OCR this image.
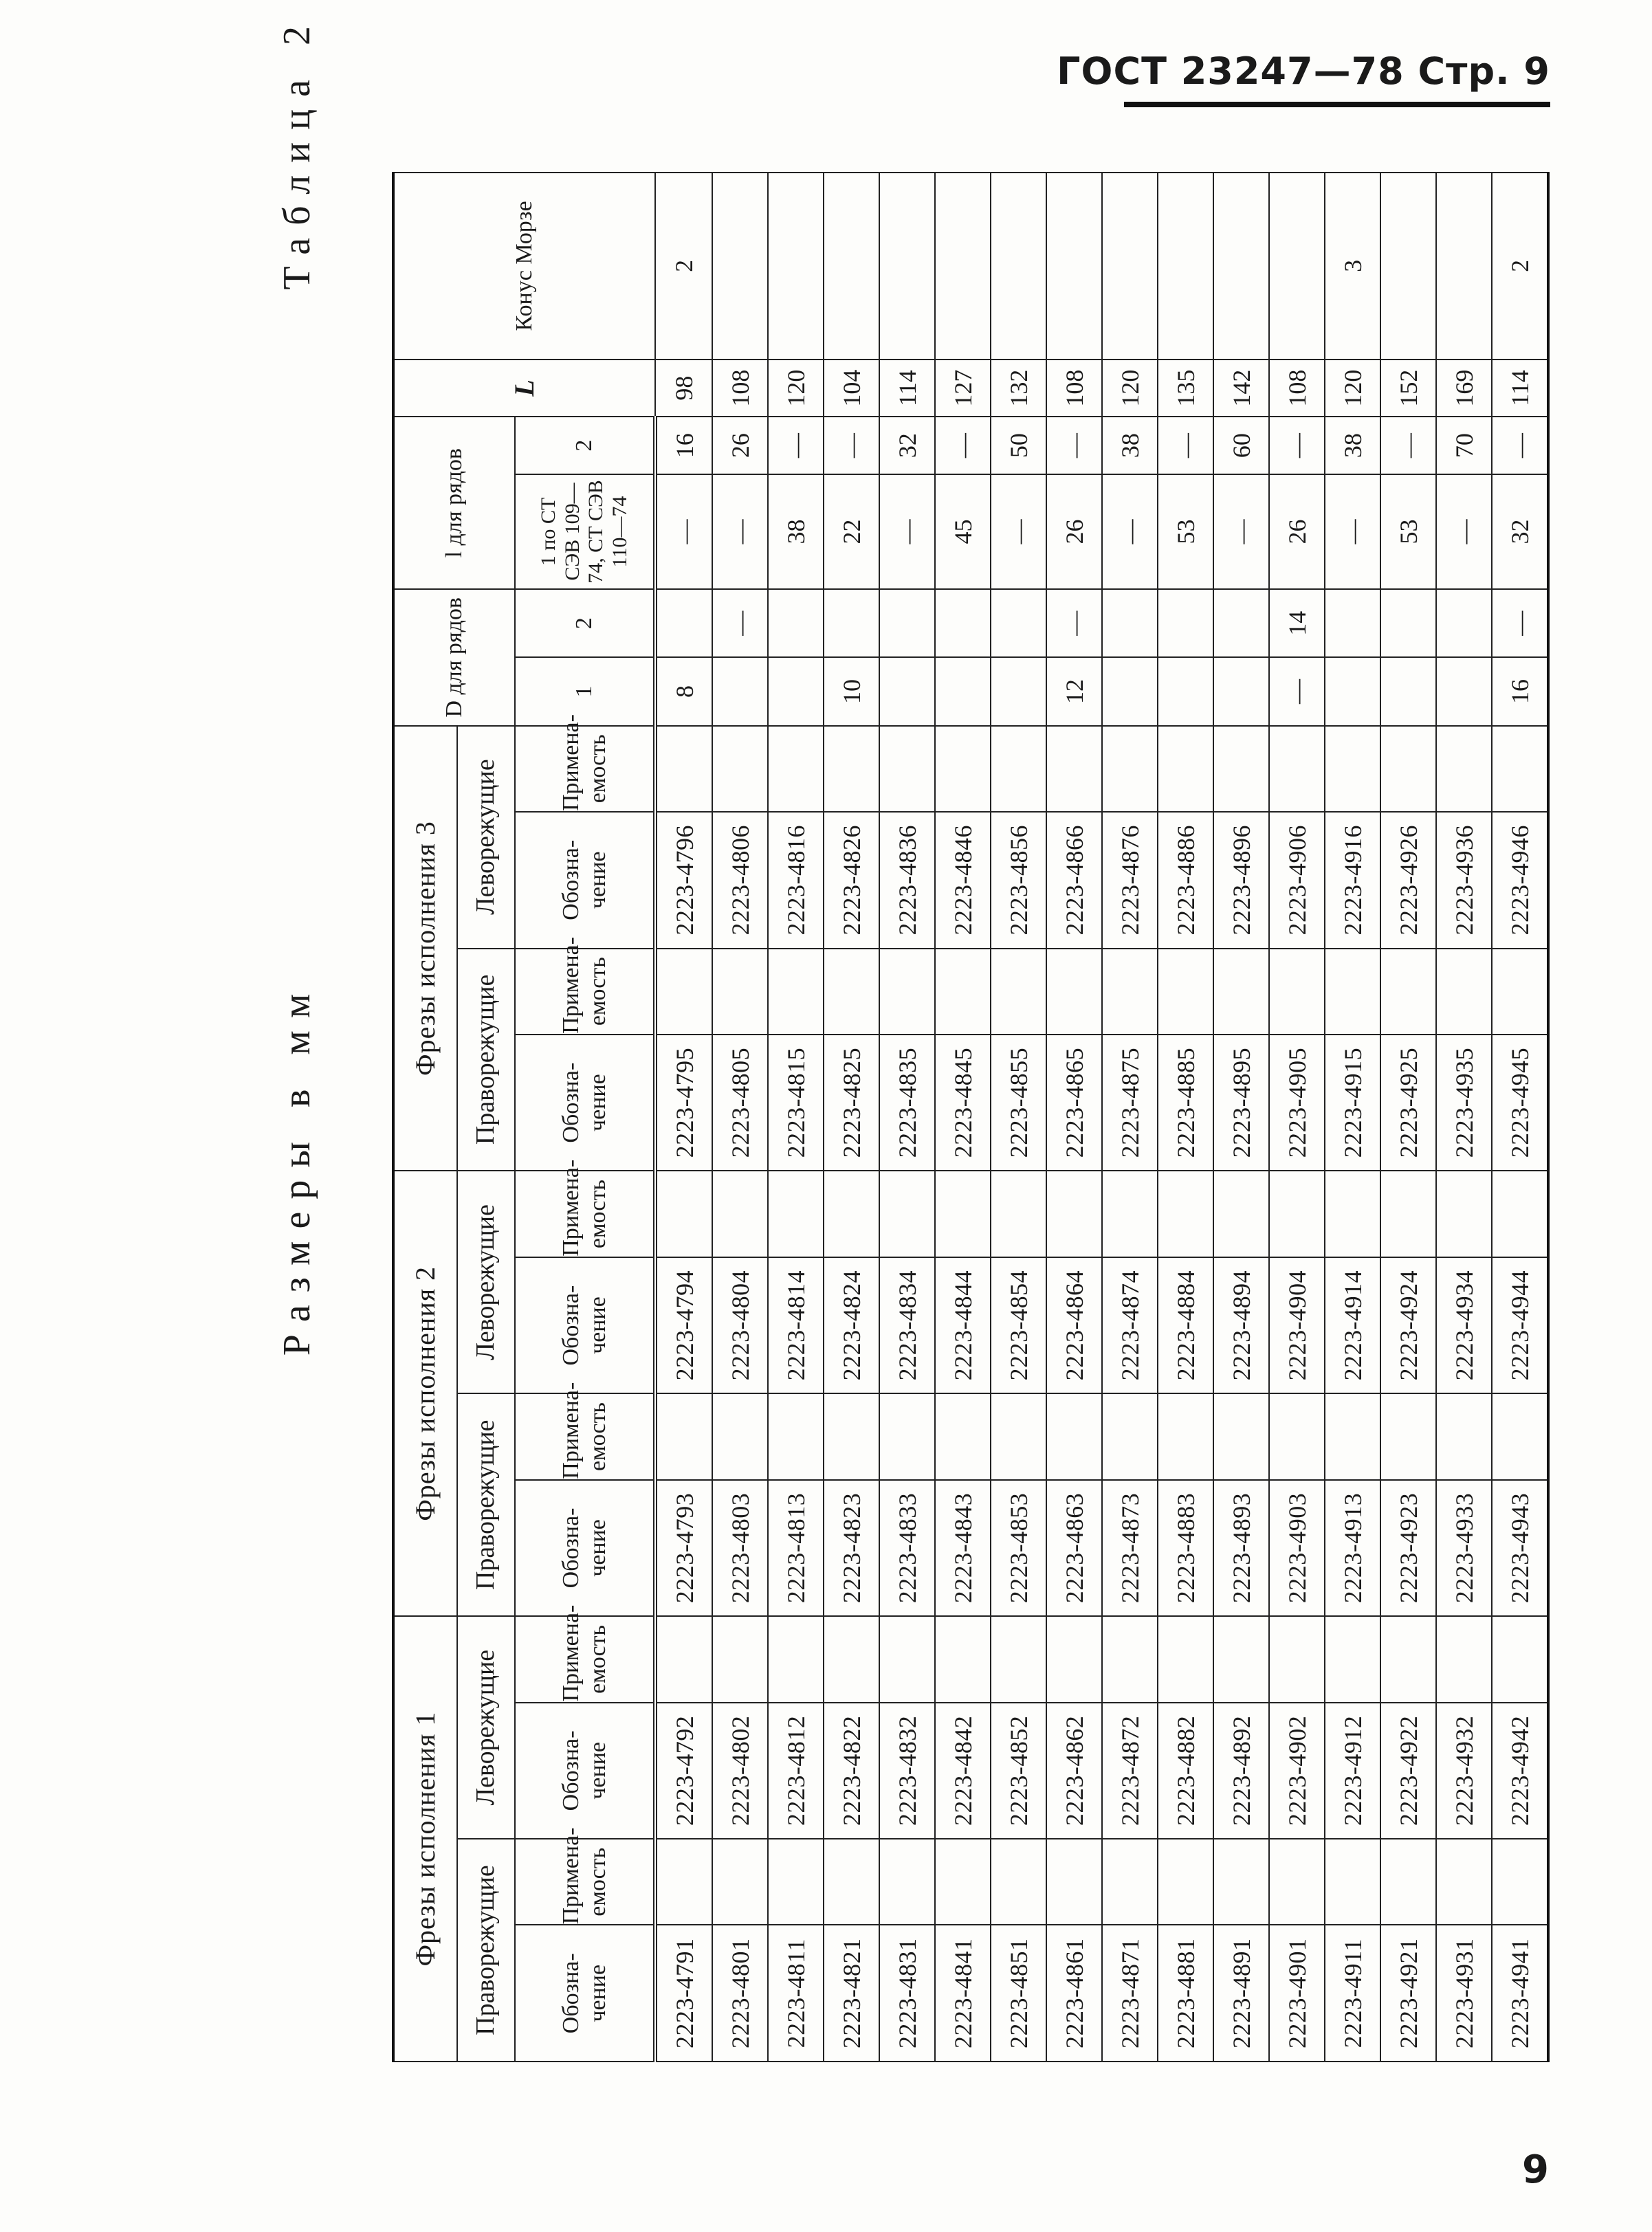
ГОСТ 23247—78 Стр. 9
Размеры в мм
Таблица 2
Фрезы исполнения 1				Фрезы исполнения 2				Фрезы исполнения 3				D для рядов		l для рядов		L	Конус Морзе
Праворежущие		Леворежущие		Праворежущие		Леворежущие		Праворежущие		Леворежущие							
Обозна-чение	Примена-емость	Обозна-чение	Примена-емость	Обозна-чение	Примена-емость	Обозна-чение	Примена-емость	Обозна-чение	Примена-емость	Обозна-чение	Примена-емость	1	2	1 по СТ СЭВ 109—74, СТ СЭВ 110—74	2		
2223-4791		2223-4792		2223-4793		2223-4794		2223-4795		2223-4796		8		—	16	98	2
2223-4801		2223-4802		2223-4803		2223-4804		2223-4805		2223-4806			—	—	26	108	
2223-4811		2223-4812		2223-4813		2223-4814		2223-4815		2223-4816				38	—	120	
2223-4821		2223-4822		2223-4823		2223-4824		2223-4825		2223-4826		10		22	—	104	
2223-4831		2223-4832		2223-4833		2223-4834		2223-4835		2223-4836				—	32	114	
2223-4841		2223-4842		2223-4843		2223-4844		2223-4845		2223-4846				45	—	127	
2223-4851		2223-4852		2223-4853		2223-4854		2223-4855		2223-4856				—	50	132	
2223-4861		2223-4862		2223-4863		2223-4864		2223-4865		2223-4866		12	—	26	—	108	
2223-4871		2223-4872		2223-4873		2223-4874		2223-4875		2223-4876				—	38	120	
2223-4881		2223-4882		2223-4883		2223-4884		2223-4885		2223-4886				53	—	135	
2223-4891		2223-4892		2223-4893		2223-4894		2223-4895		2223-4896				—	60	142	
2223-4901		2223-4902		2223-4903		2223-4904		2223-4905		2223-4906		—	14	26	—	108	
2223-4911		2223-4912		2223-4913		2223-4914		2223-4915		2223-4916				—	38	120	3
2223-4921		2223-4922		2223-4923		2223-4924		2223-4925		2223-4926				53	—	152	
2223-4931		2223-4932		2223-4933		2223-4934		2223-4935		2223-4936				—	70	169	
2223-4941		2223-4942		2223-4943		2223-4944		2223-4945		2223-4946		16	—	32	—	114	2
9
